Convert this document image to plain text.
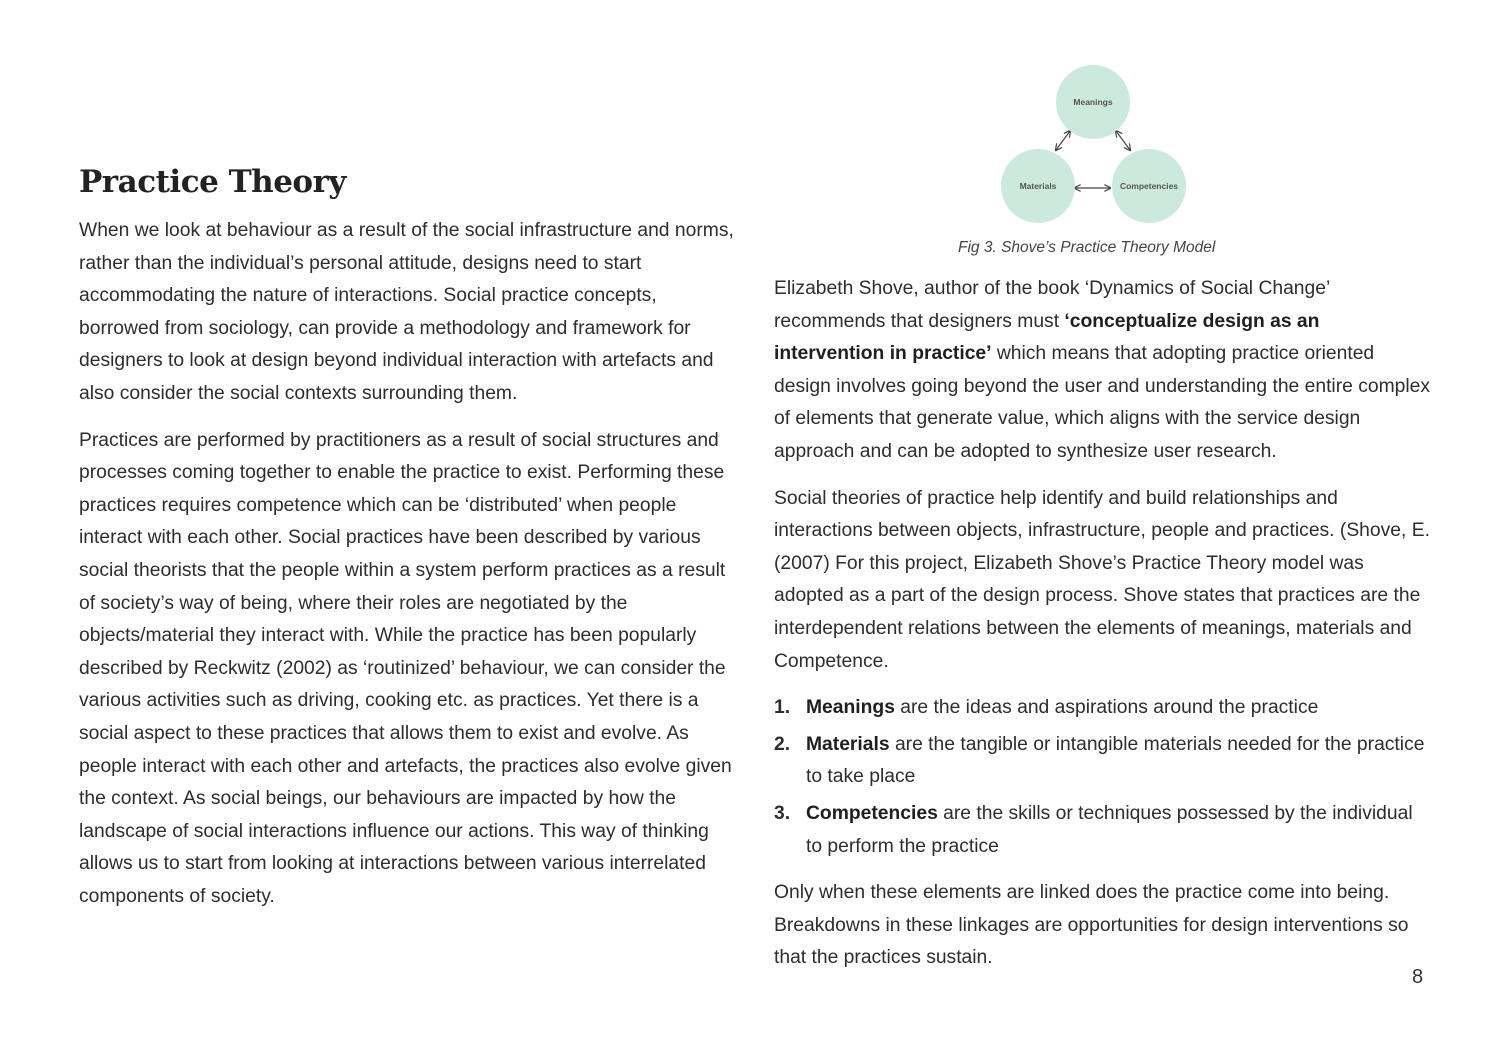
Practice Theory

When we look at behaviour as a result of the social infrastructure and norms, rather than the individual’s personal attitude, designs need to start accommodating the nature of interactions. Social practice concepts, borrowed from sociology, can provide a methodology and framework for designers to look at design beyond individual interaction with artefacts and also consider the social contexts surrounding them.

Practices are performed by practitioners as a result of social structures and processes coming together to enable the practice to exist. Performing these practices requires competence which can be ‘distributed’ when people interact with each other. Social practices have been described by various social theorists that the people within a system perform practices as a result of society’s way of being, where their roles are negotiated by the objects/material they interact with. While the practice has been popularly described by Reckwitz (2002) as ‘routinized’ behaviour, we can consider the various activities such as driving, cooking etc. as practices. Yet there is a social aspect to these practices that allows them to exist and evolve. As people interact with each other and artefacts, the practices also evolve given the context. As social beings, our behaviours are impacted by how the landscape of social interactions influence our actions. This way of thinking allows us to start from looking at interactions between various interrelated components of society.

Meanings
Materials	Competencies
Fig 3. Shove’s Practice Theory Model

Elizabeth Shove, author of the book ‘Dynamics of Social Change’ recommends that designers must ‘conceptualize design as an intervention in practice’ which means that adopting practice oriented design involves going beyond the user and understanding the entire complex of elements that generate value, which aligns with the service design approach and can be adopted to synthesize user research.

Social theories of practice help identify and build relationships and interactions between objects, infrastructure, people and practices. (Shove, E. (2007) For this project, Elizabeth Shove’s Practice Theory model was adopted as a part of the design process. Shove states that practices are the interdependent relations between the elements of meanings, materials and Competence.

1. Meanings are the ideas and aspirations around the practice
2. Materials are the tangible or intangible materials needed for the practice to take place
3. Competencies are the skills or techniques possessed by the individual to perform the practice

Only when these elements are linked does the practice come into being. Breakdowns in these linkages are opportunities for design interventions so that the practices sustain.

8
